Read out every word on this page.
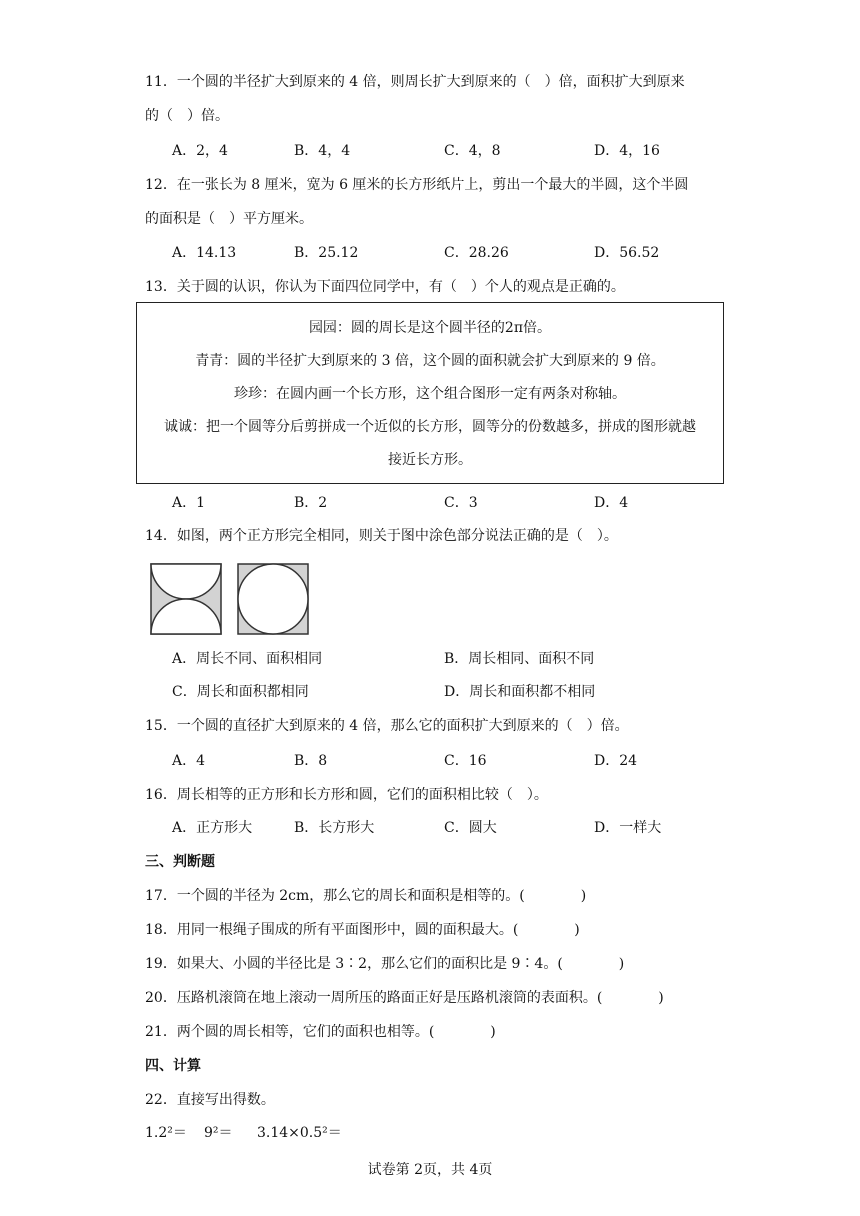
11．一个圆的半径扩大到原来的 4 倍，则周长扩大到原来的（　）倍，面积扩大到原来
的（　）倍。
A．2，4	B．4，4	C．4，8	D．4，16
12．在一张长为 8 厘米，宽为 6 厘米的长方形纸片上，剪出一个最大的半圆，这个半圆
的面积是（　）平方厘米。
A．14.13	B．25.12	C．28.26	D．56.52
13．关于圆的认识，你认为下面四位同学中，有（　）个人的观点是正确的。
园园：圆的周长是这个圆半径的2π倍。
青青：圆的半径扩大到原来的 3 倍，这个圆的面积就会扩大到原来的 9 倍。
珍珍：在圆内画一个长方形，这个组合图形一定有两条对称轴。
诚诚：把一个圆等分后剪拼成一个近似的长方形，圆等分的份数越多，拼成的图形就越
接近长方形。
A．1	B．2	C．3	D．4
14．如图，两个正方形完全相同，则关于图中涂色部分说法正确的是（　）。
A．周长不同、面积相同	B．周长相同、面积不同
C．周长和面积都相同	D．周长和面积都不相同
15．一个圆的直径扩大到原来的 4 倍，那么它的面积扩大到原来的（　）倍。
A．4	B．8	C．16	D．24
16．周长相等的正方形和长方形和圆，它们的面积相比较（　）。
A．正方形大	B．长方形大	C．圆大	D．一样大
三、判断题
17．一个圆的半径为 2cm，那么它的周长和面积是相等的。(　　　　)
18．用同一根绳子围成的所有平面图形中，圆的面积最大。(　　　　)
19．如果大、小圆的半径比是 3∶2，那么它们的面积比是 9∶4。(　　　　)
20．压路机滚筒在地上滚动一周所压的路面正好是压路机滚筒的表面积。(　　　　)
21．两个圆的周长相等，它们的面积也相等。(　　　　)
四、计算
22．直接写出得数。
1.2²＝ 9²＝ 3.14×0.5²＝
试卷第 2页，共 4页
